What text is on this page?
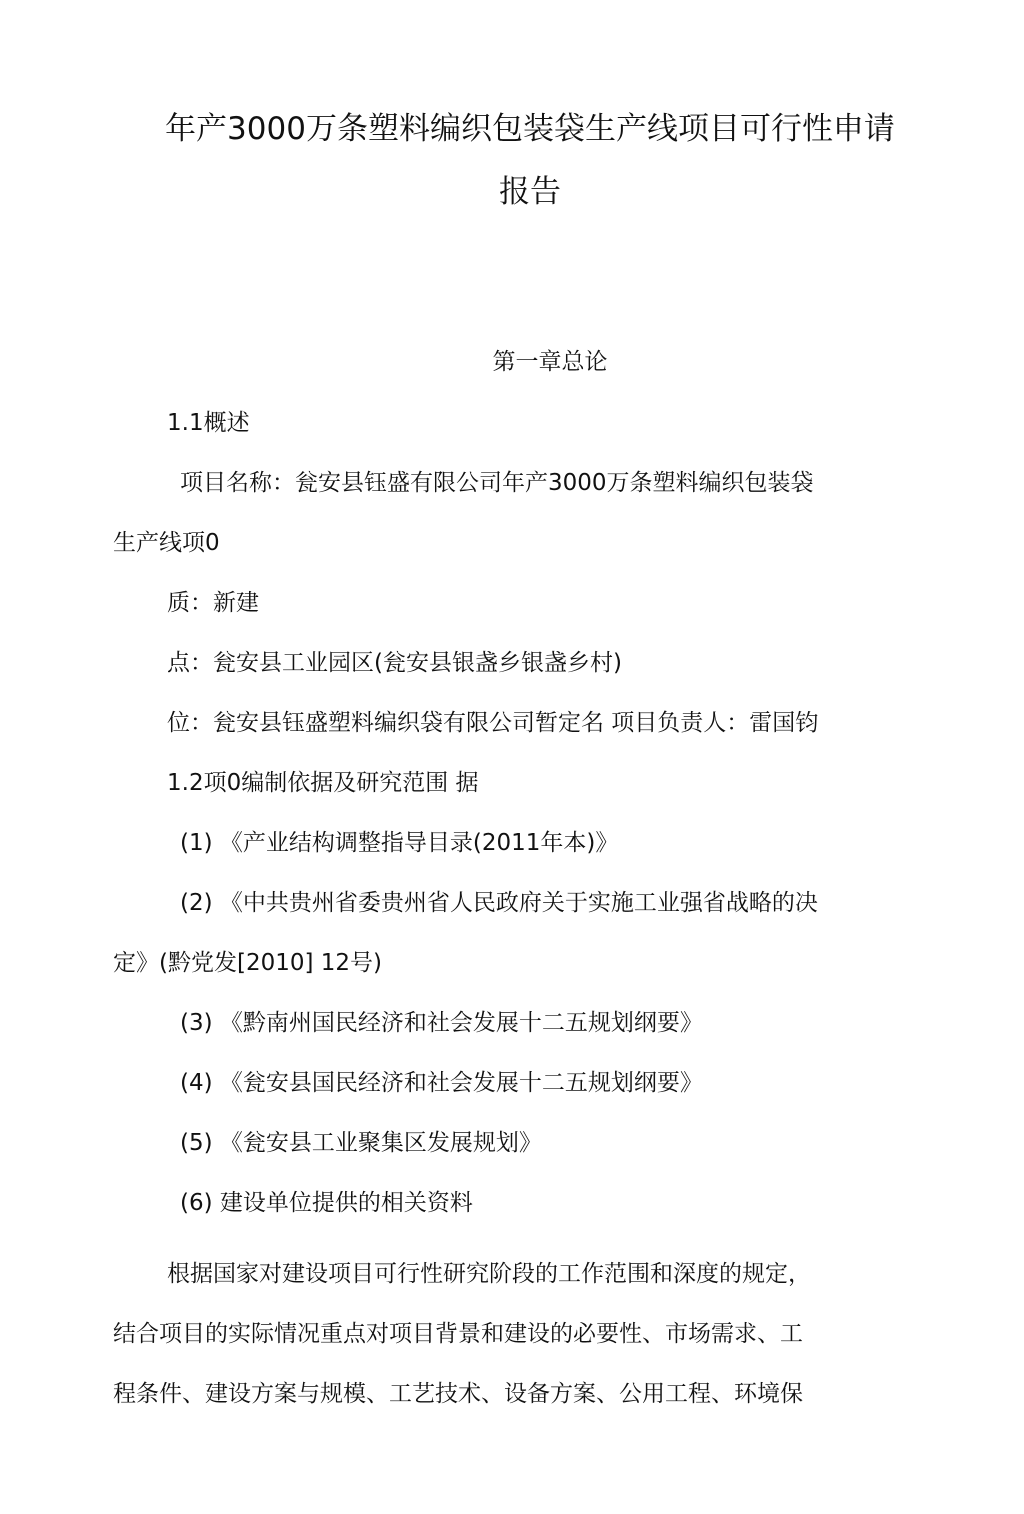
年产3000万条塑料编织包装袋生产线项目可行性申请
报告
第一章总论
1.1概述
项目名称：瓮安县钰盛有限公司年产3000万条塑料编织包装袋
生产线项0
质：新建
点：瓮安县工业园区(瓮安县银盏乡银盏乡村)
位：瓮安县钰盛塑料编织袋有限公司暂定名 项目负责人：雷国钧
1.2项0编制依据及研究范围 据
(1) 《产业结构调整指导目录(2011年本)》
(2) 《中共贵州省委贵州省人民政府关于实施工业强省战略的决
定》(黔党发[2010] 12号)
(3) 《黔南州国民经济和社会发展十二五规划纲要》
(4) 《瓮安县国民经济和社会发展十二五规划纲要》
(5) 《瓮安县工业聚集区发展规划》
(6) 建设单位提供的相关资料
根据国家对建设项目可行性研究阶段的工作范围和深度的规定，
结合项目的实际情况重点对项目背景和建设的必要性、市场需求、工
程条件、建设方案与规模、工艺技术、设备方案、公用工程、环境保
